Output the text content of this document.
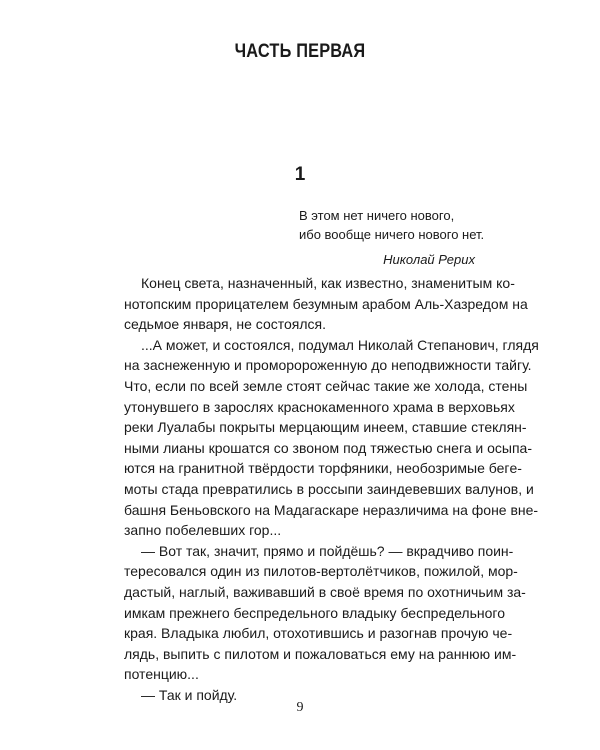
ЧАСТЬ ПЕРВАЯ
1
В этом нет ничего нового,
ибо вообще ничего нового нет.
Николай Рерих
Конец света, назначенный, как известно, знаменитым ко-
нотопским прорицателем безумным арабом Аль-Хазредом на
седьмое января, не состоялся.
...А может, и состоялся, подумал Николай Степанович, глядя
на заснеженную и проморороженную до неподвижности тайгу.
Что, если по всей земле стоят сейчас такие же холода, стены
утонувшего в зарослях краснокаменного храма в верховьях
реки Луалабы покрыты мерцающим инеем, ставшие стеклян-
ными лианы крошатся со звоном под тяжестью снега и осыпа-
ются на гранитной твёрдости торфяники, необозримые бегe-
моты стада превратились в россыпи заиндевевших валунов, и
башня Беньовского на Мадагаскаре неразличима на фоне вне-
запно побелевших гор...
— Вот так, значит, прямо и пойдёшь? — вкрадчиво поин-
тересовался один из пилотов-вертолётчиков, пожилой, мор-
дастый, наглый, важивавший в своё время по охотничьим за-
имкам прежнего беспредельного владыку беспредельного
края. Владыка любил, отохотившись и разогнав прочую че-
лядь, выпить с пилотом и пожаловаться ему на раннюю им-
потенцию...
— Так и пойду.
9
